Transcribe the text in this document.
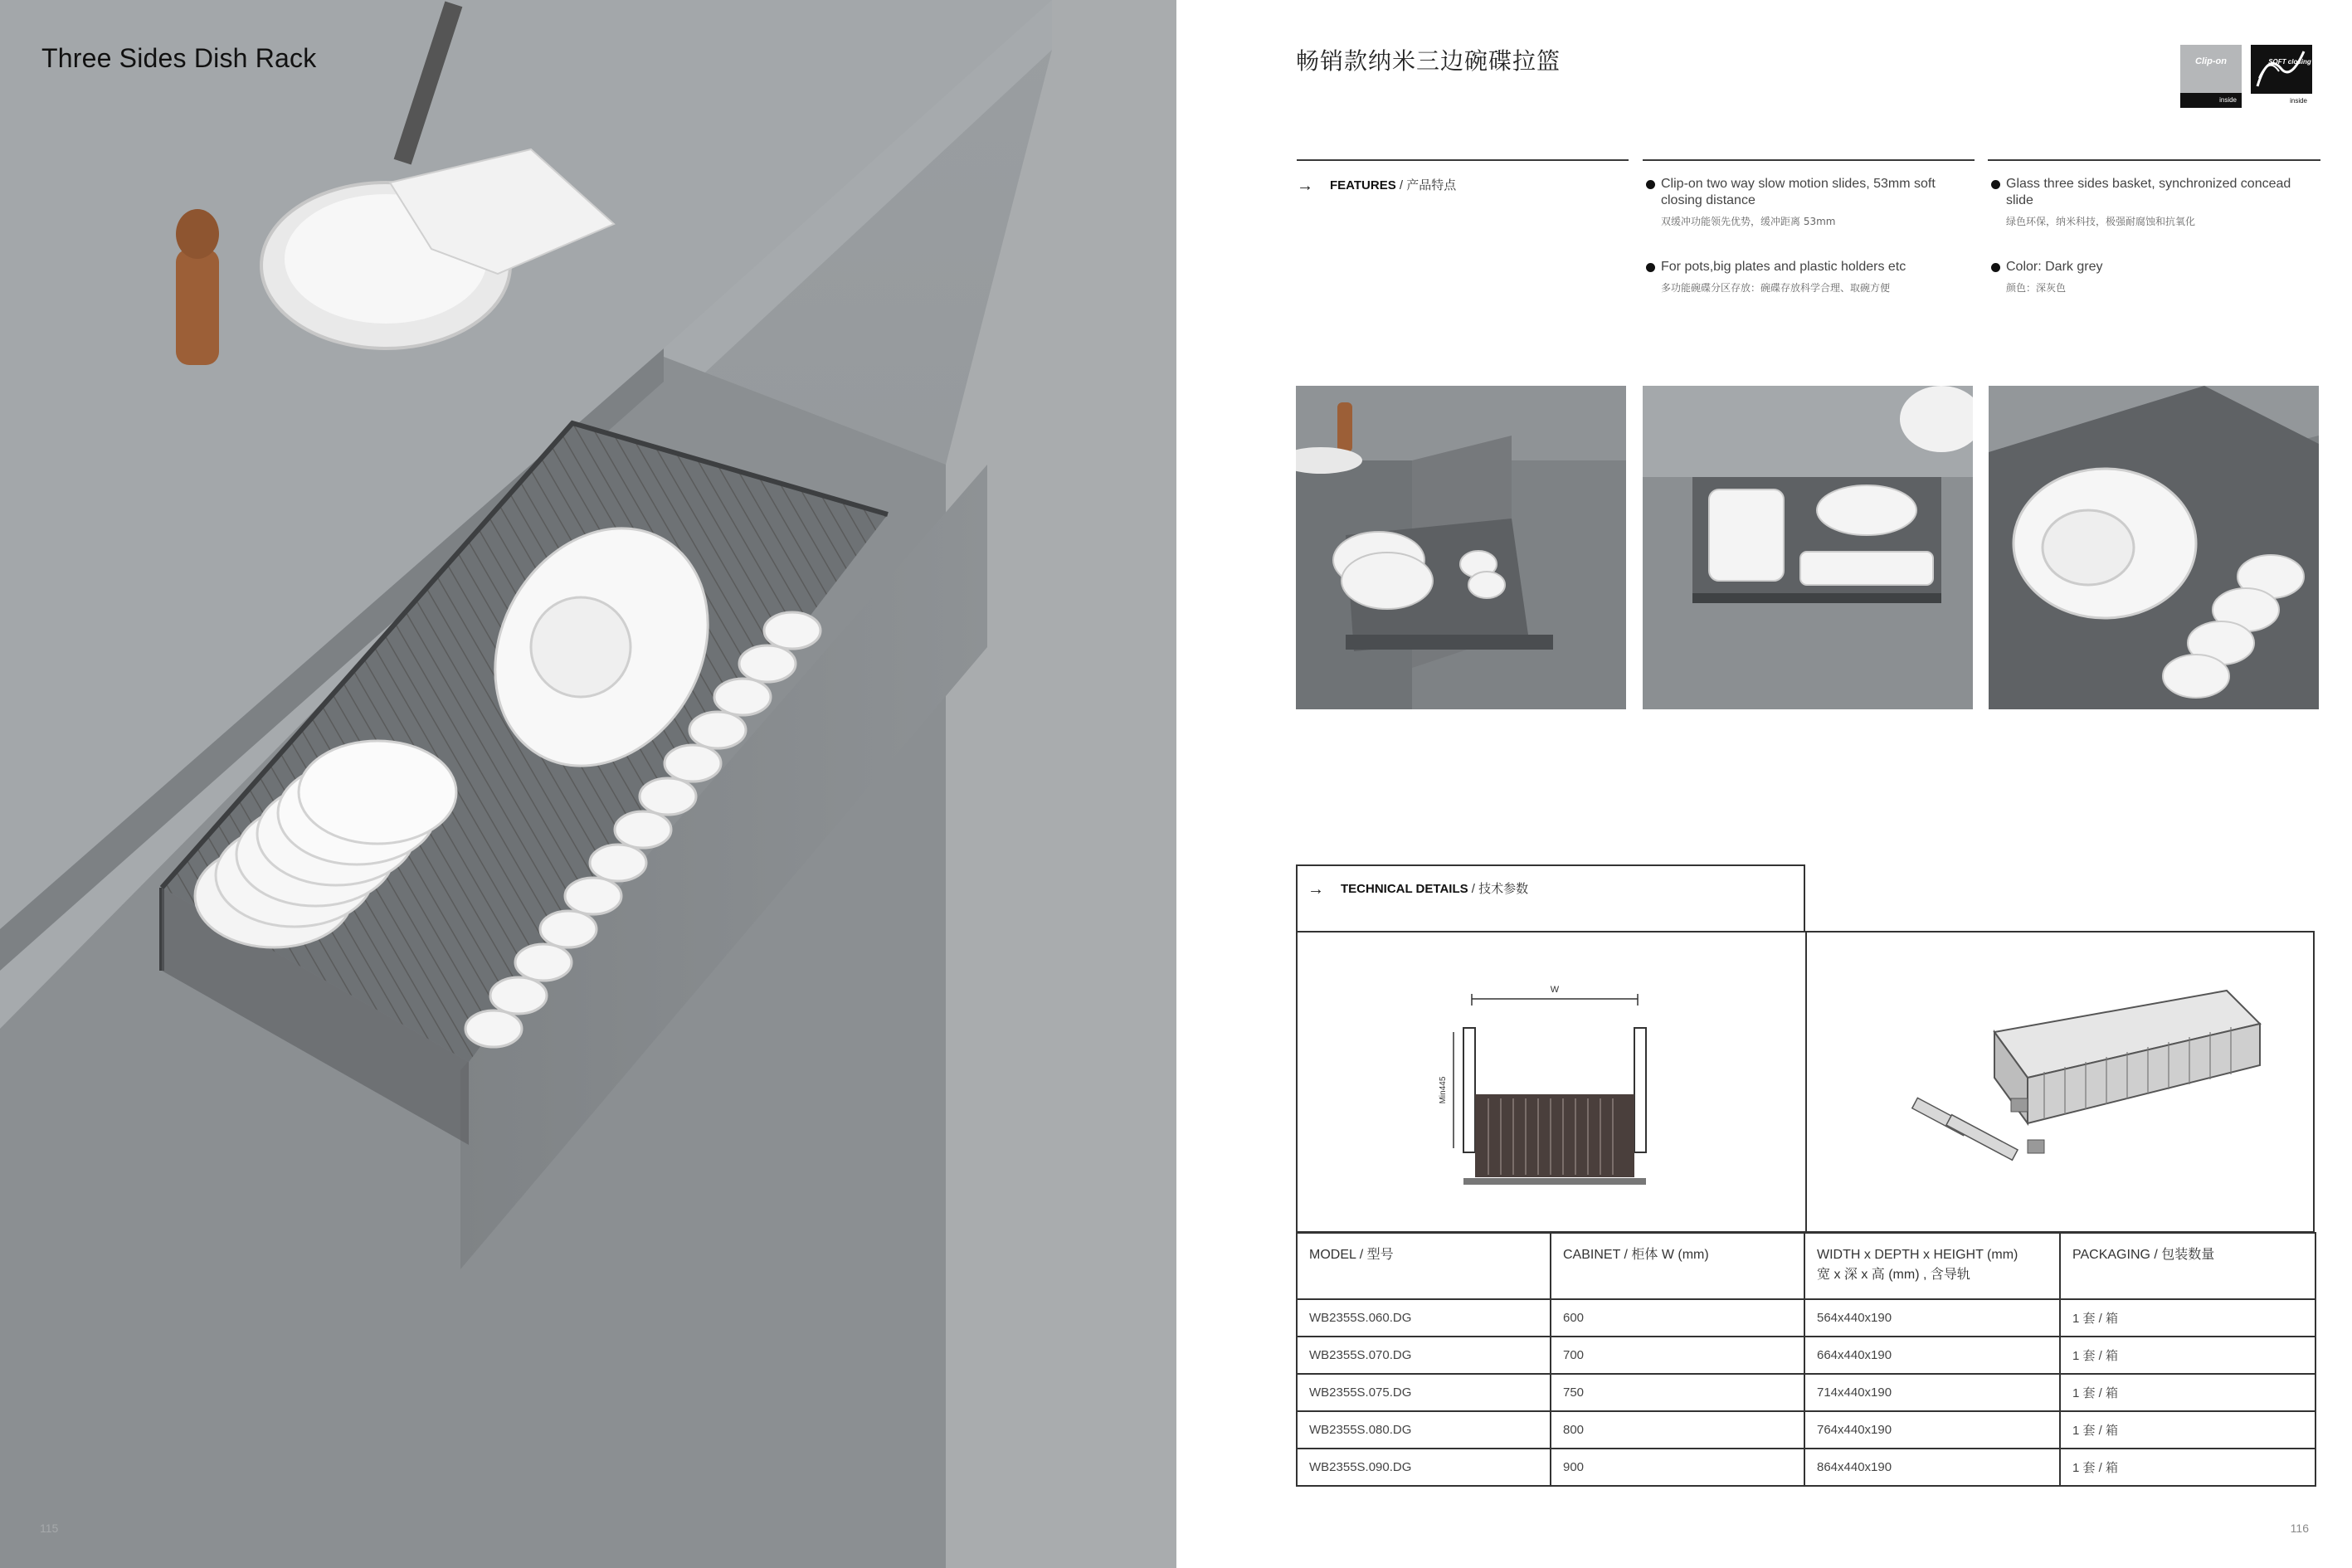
Three Sides Dish Rack
115
畅销款纳米三边碗碟拉篮	Clip-on
inside
SOFT closing
inside
→ FEATURES / 产品特点	Clip-on two way slow motion slides, 53mm soft closing distance
双缓冲功能领先优势，缓冲距离 53mm
For pots,big plates and plastic holders etc
多功能碗碟分区存放：碗碟存放科学合理、取碗方便
Glass three sides basket, synchronized concead slide
绿色环保，纳米科技，极强耐腐蚀和抗氧化
Color: Dark grey
颜色：深灰色
→ TECHNICAL DETAILS / 技术参数
W
Min445
MODEL / 型号	CABINET / 柜体 W (mm)	WIDTH x DEPTH x HEIGHT (mm)
宽 x 深 x 高 (mm) , 含导轨	PACKAGING / 包装数量
WB2355S.060.DG	600	564x440x190	1 套 / 箱
WB2355S.070.DG	700	664x440x190	1 套 / 箱
WB2355S.075.DG	750	714x440x190	1 套 / 箱
WB2355S.080.DG	800	764x440x190	1 套 / 箱
WB2355S.090.DG	900	864x440x190	1 套 / 箱
116
